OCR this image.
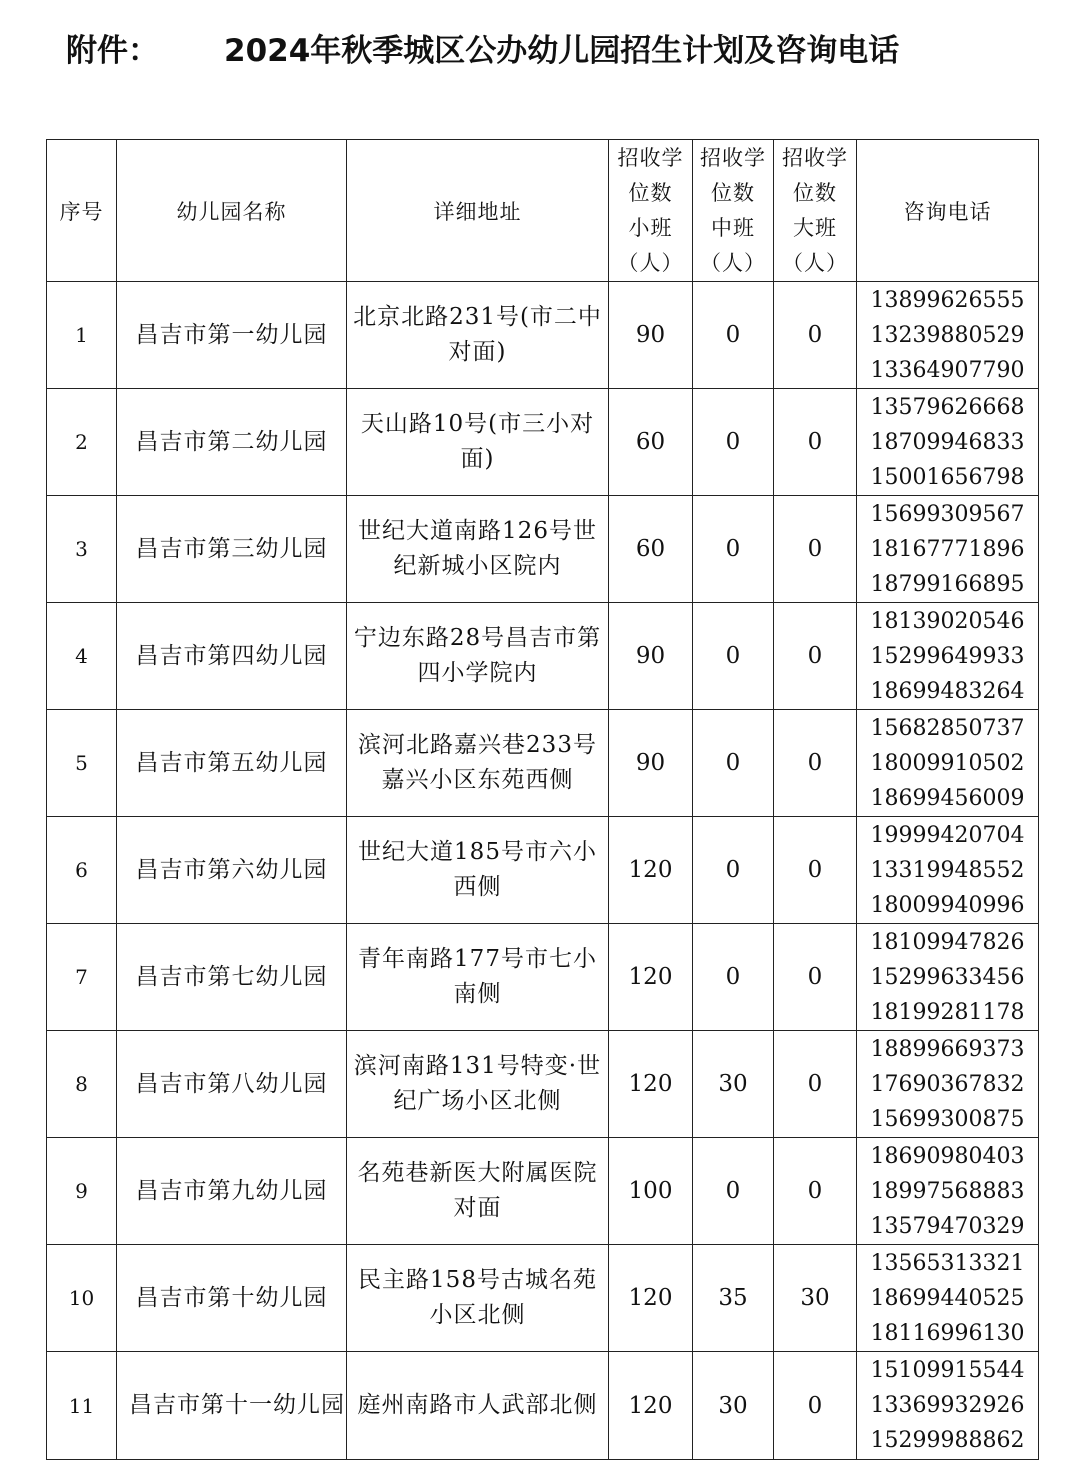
附件： 2024年秋季城区公办幼儿园招生计划及咨询电话
序号	幼儿园名称	详细地址	招收学
位数
小班
（人）	招收学
位数
中班
（人）	招收学
位数
大班
（人）	咨询电话
1	昌吉市第一幼儿园	北京北路231号(市二中对面)	90	0	0	13899626555
13239880529
13364907790

2	昌吉市第二幼儿园	天山路10号(市三小对面)	60	0	0	13579626668
18709946833
15001656798

3	昌吉市第三幼儿园	世纪大道南路126号世纪新城小区院内	60	0	0	15699309567
18167771896
18799166895

4	昌吉市第四幼儿园	宁边东路28号昌吉市第四小学院内	90	0	0	18139020546
15299649933
18699483264

5	昌吉市第五幼儿园	滨河北路嘉兴巷233号嘉兴小区东苑西侧	90	0	0	15682850737
18009910502
18699456009

6	昌吉市第六幼儿园	世纪大道185号市六小西侧	120	0	0	19999420704
13319948552
18009940996

7	昌吉市第七幼儿园	青年南路177号市七小南侧	120	0	0	18109947826
15299633456
18199281178

8	昌吉市第八幼儿园	滨河南路131号特变·世纪广场小区北侧	120	30	0	18899669373
17690367832
15699300875

9	昌吉市第九幼儿园	名苑巷新医大附属医院对面	100	0	0	18690980403
18997568883
13579470329

10	昌吉市第十幼儿园	民主路158号古城名苑小区北侧	120	35	30	13565313321
18699440525
18116996130

11	昌吉市第十一幼儿园	庭州南路市人武部北侧	120	30	0	15109915544
13369932926
15299988862
